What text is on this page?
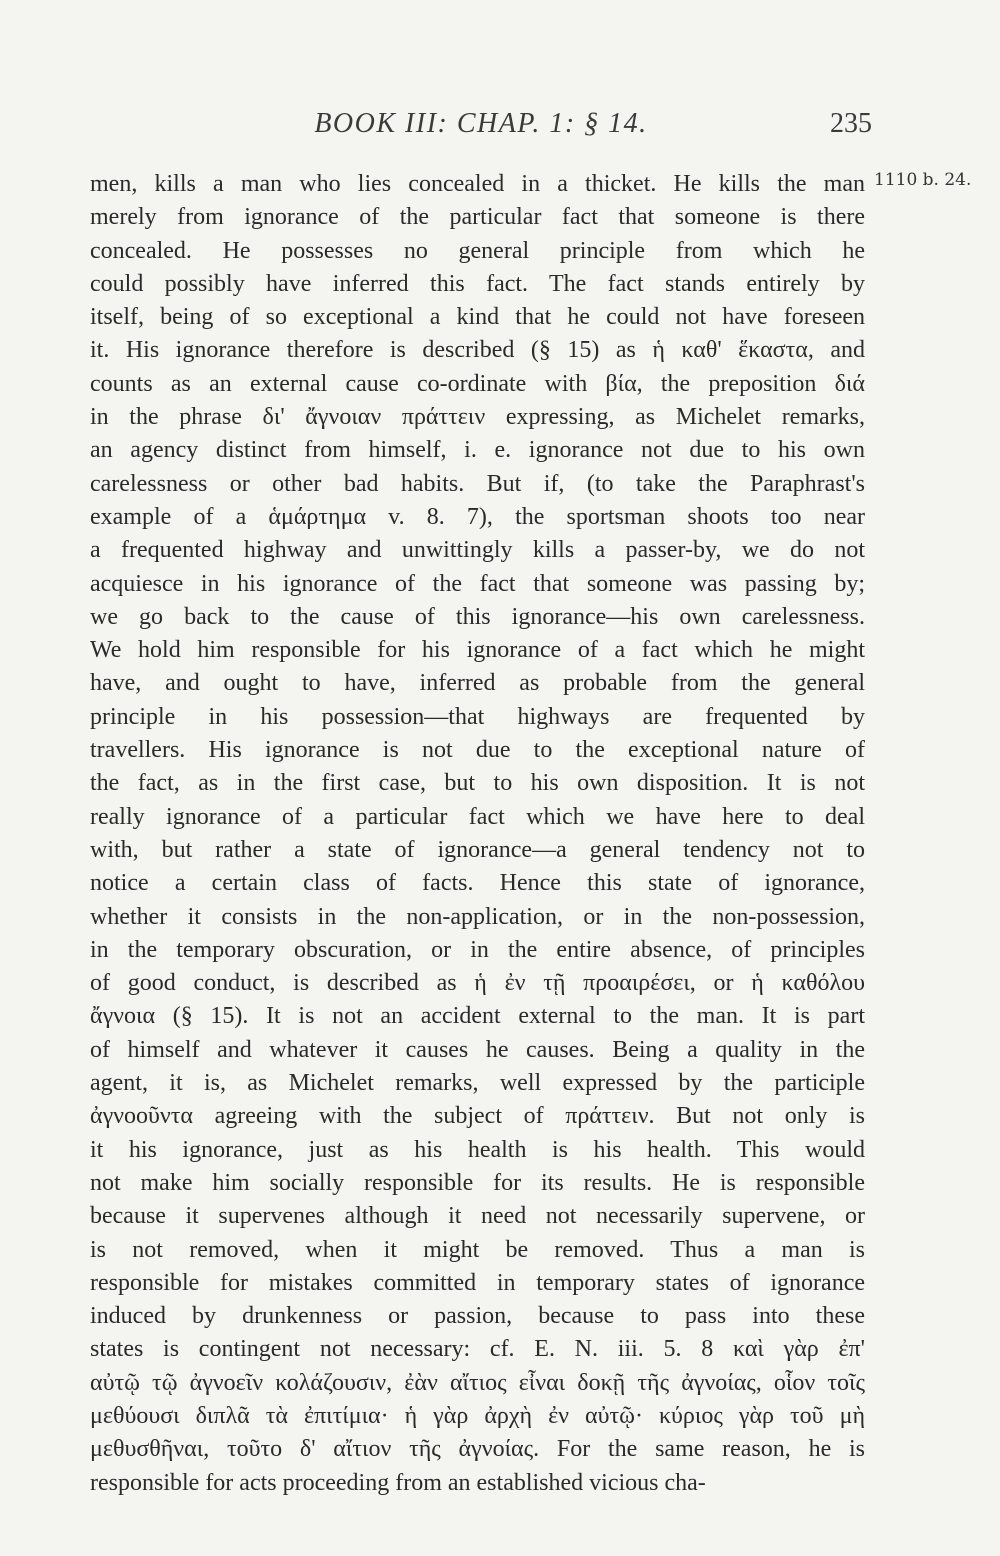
BOOK III: CHAP. 1: § 14.	235
1110 b. 24.
men, kills a man who lies concealed in a thicket. He kills the man
merely from ignorance of the particular fact that someone is there
concealed. He possesses no general principle from which he
could possibly have inferred this fact. The fact stands entirely by
itself, being of so exceptional a kind that he could not have foreseen
it. His ignorance therefore is described (§ 15) as ἡ καθ' ἕκαστα, and
counts as an external cause co-ordinate with βία, the preposition διά
in the phrase δι' ἄγνοιαν πράττειν expressing, as Michelet remarks,
an agency distinct from himself, i. e. ignorance not due to his own
carelessness or other bad habits. But if, (to take the Paraphrast's
example of a ἁμάρτημα v. 8. 7), the sportsman shoots too near
a frequented highway and unwittingly kills a passer-by, we do not
acquiesce in his ignorance of the fact that someone was passing by;
we go back to the cause of this ignorance—his own carelessness.
We hold him responsible for his ignorance of a fact which he might
have, and ought to have, inferred as probable from the general
principle in his possession—that highways are frequented by
travellers. His ignorance is not due to the exceptional nature of
the fact, as in the first case, but to his own disposition. It is not
really ignorance of a particular fact which we have here to deal
with, but rather a state of ignorance—a general tendency not to
notice a certain class of facts. Hence this state of ignorance,
whether it consists in the non-application, or in the non-possession,
in the temporary obscuration, or in the entire absence, of principles
of good conduct, is described as ἡ ἐν τῇ προαιρέσει, or ἡ καθόλου
ἄγνοια (§ 15). It is not an accident external to the man. It is part
of himself and whatever it causes he causes. Being a quality in the
agent, it is, as Michelet remarks, well expressed by the participle
ἀγνοοῦντα agreeing with the subject of πράττειν. But not only is
it his ignorance, just as his health is his health. This would
not make him socially responsible for its results. He is responsible
because it supervenes although it need not necessarily supervene, or
is not removed, when it might be removed. Thus a man is
responsible for mistakes committed in temporary states of ignorance
induced by drunkenness or passion, because to pass into these
states is contingent not necessary: cf. E. N. iii. 5. 8 καὶ γὰρ ἐπ'
αὐτῷ τῷ ἀγνοεῖν κολάζουσιν, ἐὰν αἴτιος εἶναι δοκῇ τῆς ἀγνοίας, οἷον τοῖς
μεθύουσι διπλᾶ τὰ ἐπιτίμια· ἡ γὰρ ἀρχὴ ἐν αὐτῷ· κύριος γὰρ τοῦ μὴ
μεθυσθῆναι, τοῦτο δ' αἴτιον τῆς ἀγνοίας. For the same reason, he is
responsible for acts proceeding from an established vicious cha-
